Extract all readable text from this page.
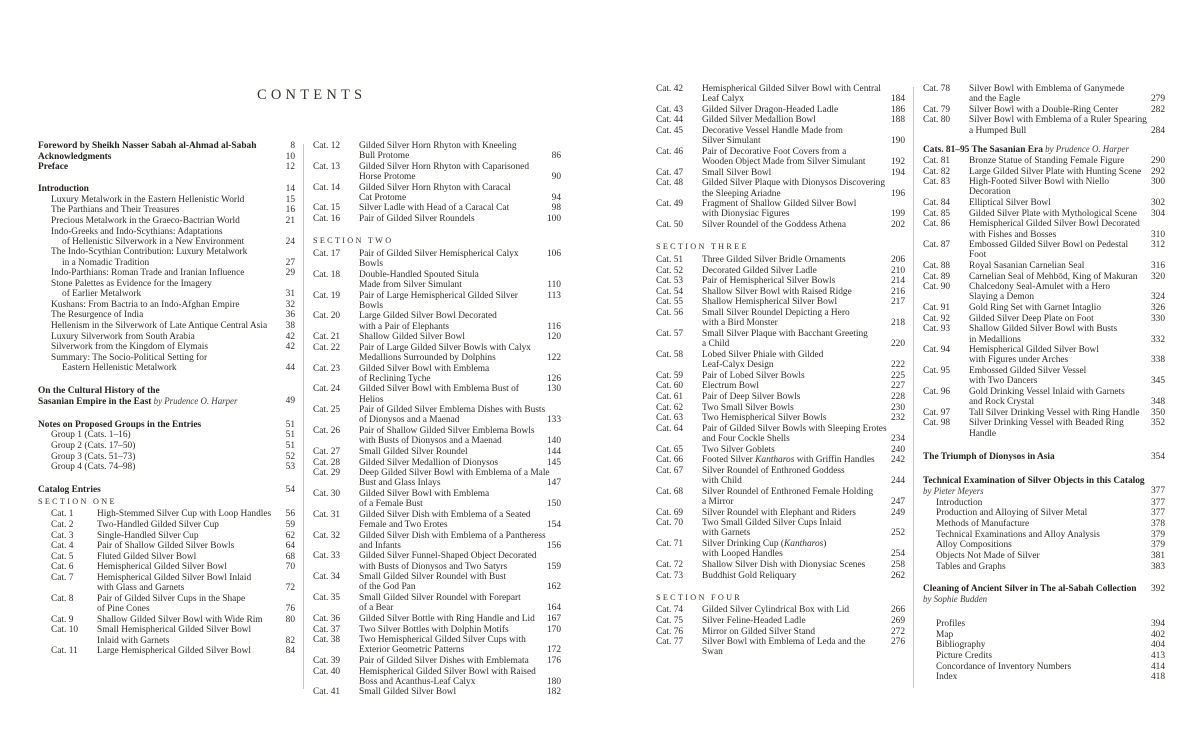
CONTENTS
Foreword by Sheikh Nasser Sabah al-Ahmad al-Sabah	8
Acknowledgments	10
Preface	12
Introduction	14
Luxury Metalwork in the Eastern Hellenistic World	15
The Parthians and Their Treasures	16
Precious Metalwork in the Graeco-Bactrian World	21
Indo-Greeks and Indo-Scythians: Adaptations
of Hellenistic Silverwork in a New Environment	24
The Indo-Scythian Contribution: Luxury Metalwork
in a Nomadic Tradition	27
Indo-Parthians: Roman Trade and Iranian Influence	29
Stone Palettes as Evidence for the Imagery
of Earlier Metalwork	31
Kushans: From Bactria to an Indo-Afghan Empire	32
The Resurgence of India	36
Hellenism in the Silverwork of Late Antique Central Asia 38
Luxury Silverwork from South Arabia	42
Silverwork from the Kingdom of Elymais	42
Summary: The Socio-Political Setting for
Eastern Hellenistic Metalwork	44
On the Cultural History of the
Sasanian Empire in the East by Prudence O. Harper	49
Notes on Proposed Groups in the Entries	51
Group 1 (Cats. 1–16)	51
Group 2 (Cats. 17–50)	51
Group 3 (Cats. 51–73)	52
Group 4 (Cats. 74–98)	53
Catalog Entries	54
SECTION ONE
Cat. 1	High-Stemmed Silver Cup with Loop Handles 56
Cat. 2	Two-Handled Gilded Silver Cup	59
Cat. 3	Single-Handled Silver Cup	62
Cat. 4	Pair of Shallow Gilded Silver Bowls	64
Cat. 5	Fluted Gilded Silver Bowl	68
Cat. 6	Hemispherical Gilded Silver Bowl	70
Cat. 7	Hemispherical Gilded Silver Bowl Inlaid
with Glass and Garnets	72
Cat. 8	Pair of Gilded Silver Cups in the Shape
of Pine Cones	76
Cat. 9	Shallow Gilded Silver Bowl with Wide Rim 80
Cat. 10	Small Hemispherical Gilded Silver Bowl
Inlaid with Garnets	82
Cat. 11	Large Hemispherical Gilded Silver Bowl	84
Cat. 12	Gilded Silver Horn Rhyton with Kneeling
Bull Protome	86
Cat. 13	Gilded Silver Horn Rhyton with Caparisoned
Horse Protome	90
Cat. 14	Gilded Silver Horn Rhyton with Caracal
Cat Protome	94
Cat. 15	Silver Ladle with Head of a Caracal Cat	98
Cat. 16	Pair of Gilded Silver Roundels	100
SECTION TWO
Cat. 17	Pair of Gilded Silver Hemispherical Calyx Bowls
106
Cat. 18	Double-Handled Spouted Situla
Made from Silver Simulant	110
Cat. 19	Pair of Large Hemispherical Gilded Silver Bowls
113
Cat. 20	Large Gilded Silver Bowl Decorated
with a Pair of Elephants	116
Cat. 21	Shallow Gilded Silver Bowl	120
Cat. 22	Pair of Large Gilded Silver Bowls with Calyx
Medallions Surrounded by Dolphins	122
Cat. 23	Gilded Silver Bowl with Emblema
of Reclining Tyche	126
Cat. 24	Gilded Silver Bowl with Emblema Bust of Helios
130
Cat. 25	Pair of Gilded Silver Emblema Dishes with Busts
of Dionysos and a Maenad	133
Cat. 26	Pair of Shallow Gilded Silver Emblema Bowls
with Busts of Dionysos and a Maenad	140
Cat. 27	Small Gilded Silver Roundel	144
Cat. 28	Gilded Silver Medallion of Dionysos	145
Cat. 29	Deep Gilded Silver Bowl with Emblema of a Male
Bust and Glass Inlays	147
Cat. 30	Gilded Silver Bowl with Emblema
of a Female Bust	150
Cat. 31	Gilded Silver Dish with Emblema of a Seated
Female and Two Erotes	154
Cat. 32	Gilded Silver Dish with Emblema of a Pantheress
and Infants	156
Cat. 33	Gilded Silver Funnel-Shaped Object Decorated
with Busts of Dionysos and Two Satyrs	159
Cat. 34	Small Gilded Silver Roundel with Bust
of the God Pan	162
Cat. 35	Small Gilded Silver Roundel with Forepart
of a Bear	164
Cat. 36	Gilded Silver Bottle with Ring Handle and Lid 167
Cat. 37	Two Silver Bottles with Dolphin Motifs	170
Cat. 38	Two Hemispherical Gilded Silver Cups with
Exterior Geometric Patterns	172
Cat. 39	Pair of Gilded Silver Dishes with Emblemata 176
Cat. 40	Hemispherical Gilded Silver Bowl with Raised
Boss and Acanthus-Leaf Calyx	180
Cat. 41	Small Gilded Silver Bowl	182
Cat. 42	Hemispherical Gilded Silver Bowl with Central
Leaf Calyx	184
Cat. 43	Gilded Silver Dragon-Headed Ladle	186
Cat. 44	Gilded Silver Medallion Bowl	188
Cat. 45	Decorative Vessel Handle Made from
Silver Simulant	190
Cat. 46	Pair of Decorative Foot Covers from a
Wooden Object Made from Silver Simulant	192
Cat. 47	Small Silver Bowl	194
Cat. 48	Gilded Silver Plaque with Dionysos Discovering
the Sleeping Ariadne	196
Cat. 49	Fragment of Shallow Gilded Silver Bowl
with Dionysiac Figures	199
Cat. 50	Silver Roundel of the Goddess Athena	202
SECTION THREE
Cat. 51	Three Gilded Silver Bridle Ornaments	206
Cat. 52	Decorated Gilded Silver Ladle	210
Cat. 53	Pair of Hemispherical Silver Bowls	214
Cat. 54	Shallow Silver Bowl with Raised Ridge	216
Cat. 55	Shallow Hemispherical Silver Bowl	217
Cat. 56	Small Silver Roundel Depicting a Hero
with a Bird Monster	218
Cat. 57	Small Silver Plaque with Bacchant Greeting
a Child	220
Cat. 58	Lobed Silver Phiale with Gilded
Leaf-Calyx Design	222
Cat. 59	Pair of Lobed Silver Bowls	225
Cat. 60	Electrum Bowl	227
Cat. 61	Pair of Deep Silver Bowls	228
Cat. 62	Two Small Silver Bowls	230
Cat. 63	Two Hemispherical Silver Bowls	232
Cat. 64	Pair of Gilded Silver Bowls with Sleeping Erotes
and Four Cockle Shells	234
Cat. 65	Two Silver Goblets	240
Cat. 66	Footed Silver Kantharos with Griffin Handles 242
Cat. 67	Silver Roundel of Enthroned Goddess
with Child	244
Cat. 68	Silver Roundel of Enthroned Female Holding
a Mirror	247
Cat. 69	Silver Roundel with Elephant and Riders	249
Cat. 70	Two Small Gilded Silver Cups Inlaid
with Garnets	252
Cat. 71	Silver Drinking Cup (Kantharos)
with Looped Handles	254
Cat. 72	Shallow Silver Dish with Dionysiac Scenes	258
Cat. 73	Buddhist Gold Reliquary	262
SECTION FOUR
Cat. 74	Gilded Silver Cylindrical Box with Lid	266
Cat. 75	Silver Feline-Headed Ladle	269
Cat. 76	Mirror on Gilded Silver Stand	272
Cat. 77	Silver Bowl with Emblema of Leda and the Swan
276
Cat. 78	Silver Bowl with Emblema of Ganymede
and the Eagle	279
Cat. 79	Silver Bowl with a Double-Ring Center	282
Cat. 80	Silver Bowl with Emblema of a Ruler Spearing
a Humped Bull	284
Cats. 81–95 The Sasanian Era by Prudence O. Harper
Cat. 81	Bronze Statue of Standing Female Figure	290
Cat. 82	Large Gilded Silver Plate with Hunting Scene 292
Cat. 83	High-Footed Silver Bowl with Niello Decoration
300
Cat. 84	Elliptical Silver Bowl	302
Cat. 85	Gilded Silver Plate with Mythological Scene 304
Cat. 86	Hemispherical Gilded Silver Bowl Decorated
with Fishes and Bosses	310
Cat. 87	Embossed Gilded Silver Bowl on Pedestal Foot
312
Cat. 88	Royal Sasanian Carnelian Seal	316
Cat. 89	Carnelian Seal of Mehbōd, King of Makuran 320
Cat. 90	Chalcedony Seal-Amulet with a Hero
Slaying a Demon	324
Cat. 91	Gold Ring Set with Garnet Intaglio	326
Cat. 92	Gilded Silver Deep Plate on Foot	330
Cat. 93	Shallow Gilded Silver Bowl with Busts
in Medallions	332
Cat. 94	Hemispherical Gilded Silver Bowl
with Figures under Arches	338
Cat. 95	Embossed Gilded Silver Vessel
with Two Dancers	345
Cat. 96	Gold Drinking Vessel Inlaid with Garnets
and Rock Crystal	348
Cat. 97	Tall Silver Drinking Vessel with Ring Handle 350
Cat. 98	Silver Drinking Vessel with Beaded Ring Handle
352
The Triumph of Dionysos in Asia	354
Technical Examination of Silver Objects in this Catalog
by Pieter Meyers	377
Introduction	377
Production and Alloying of Silver Metal	377
Methods of Manufacture	378
Technical Examinations and Alloy Analysis	379
Alloy Compositions	379
Objects Not Made of Silver	381
Tables and Graphs	383
Cleaning of Ancient Silver in The al-Sabah Collection 392
by Sophie Budden
Profiles	394
Map	402
Bibliography	404
Picture Credits	413
Concordance of Inventory Numbers	414
Index	418
